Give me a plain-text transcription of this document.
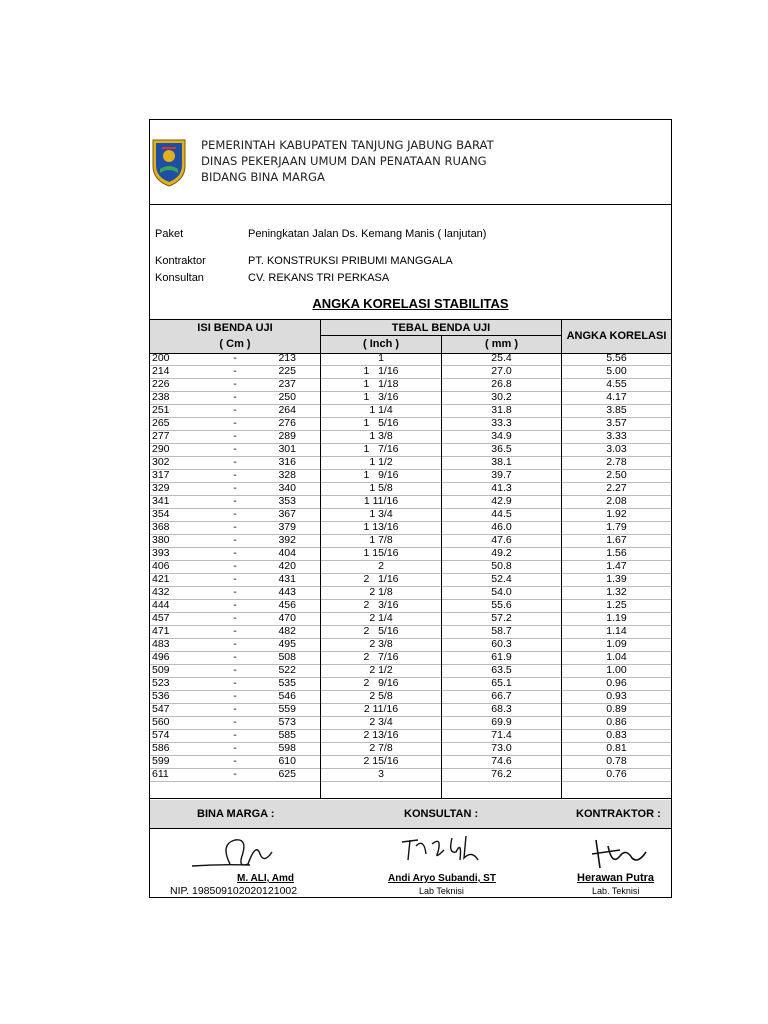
PEMERINTAH KABUPATEN TANJUNG JABUNG BARAT
DINAS PEKERJAAN UMUM DAN PENATAAN RUANG
BIDANG BINA MARGA
Paket	Peningkatan Jalan Ds. Kemang Manis ( lanjutan)
Kontraktor	PT. KONSTRUKSI PRIBUMI MANGGALA
Konsultan	CV. REKANS TRI PERKASA
ANGKA KORELASI STABILITAS
ISI BENDA UJI
( Cm )
TEBAL BENDA UJI
( Inch )	( mm )
ANGKA KORELASI
200	-	213	1	25.4	5.56
214	-	225	1   1/16	27.0	5.00
226	-	237	1   1/18	26.8	4.55
238	-	250	1   3/16	30.2	4.17
251	-	264	1 1/4	31.8	3.85
265	-	276	1   5/16	33.3	3.57
277	-	289	1 3/8	34.9	3.33
290	-	301	1   7/16	36.5	3.03
302	-	316	1 1/2	38.1	2.78
317	-	328	1   9/16	39.7	2.50
329	-	340	1 5/8	41.3	2.27
341	-	353	1 11/16	42.9	2.08
354	-	367	1 3/4	44.5	1.92
368	-	379	1 13/16	46.0	1.79
380	-	392	1 7/8	47.6	1.67
393	-	404	1 15/16	49.2	1.56
406	-	420	2	50.8	1.47
421	-	431	2   1/16	52.4	1.39
432	-	443	2 1/8	54.0	1.32
444	-	456	2   3/16	55.6	1.25
457	-	470	2 1/4	57.2	1.19
471	-	482	2   5/16	58.7	1.14
483	-	495	2 3/8	60.3	1.09
496	-	508	2   7/16	61.9	1.04
509	-	522	2 1/2	63.5	1.00
523	-	535	2   9/16	65.1	0.96
536	-	546	2 5/8	66.7	0.93
547	-	559	2 11/16	68.3	0.89
560	-	573	2 3/4	69.9	0.86
574	-	585	2 13/16	71.4	0.83
586	-	598	2 7/8	73.0	0.81
599	-	610	2 15/16	74.6	0.78
611	-	625	3	76.2	0.76
BINA MARGA :	KONSULTAN :	KONTRAKTOR :
M. ALI, Amd
NIP. 198509102020121002
Andi Aryo Subandi, ST
Lab Teknisi
Herawan Putra
Lab. Teknisi
